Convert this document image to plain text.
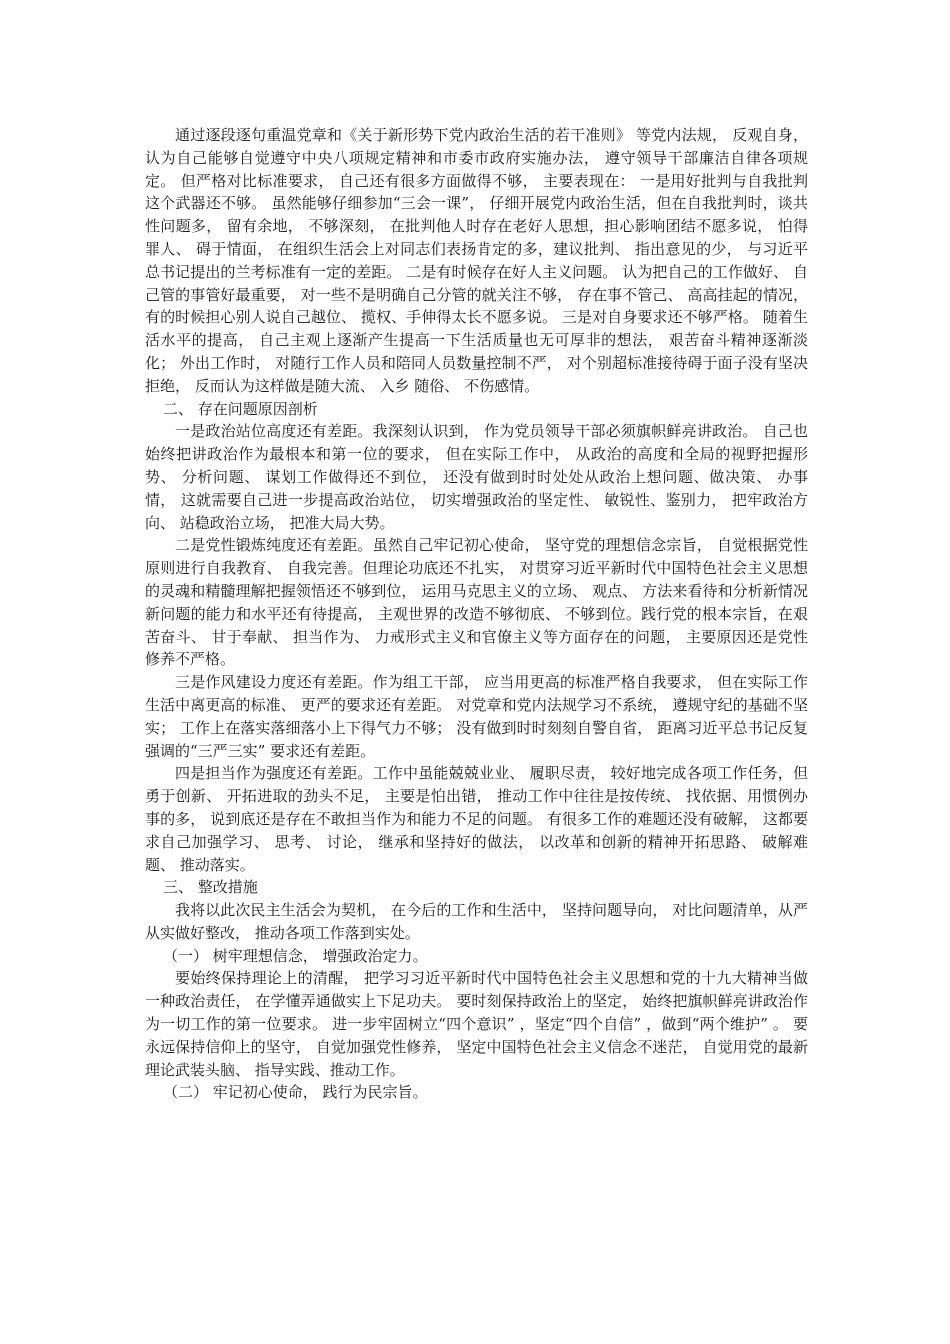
通过逐段逐句重温党章和《关于新形势下党内政治生活的若干准则》 等党内法规， 反观自身， 认为自己能够自觉遵守中央八项规定精神和市委市政府实施办法， 遵守领导干部廉洁自律各项规定。 但严格对比标准要求， 自己还有很多方面做得不够， 主要表现在： 一是用好批判与自我批判这个武器还不够。 虽然能够仔细参加“三会一课”， 仔细开展党内政治生活，但在自我批判时，谈共性问题多， 留有余地， 不够深刻， 在批判他人时存在老好人思想，担心影响团结不愿多说， 怕得罪人、 碍于情面， 在组织生活会上对同志们表扬肯定的多，建议批判、 指出意见的少， 与习近平总书记提出的兰考标准有一定的差距。 二是有时候存在好人主义问题。 认为把自己的工作做好、 自己管的事管好最重要， 对一些不是明确自己分管的就关注不够， 存在事不管己、 高高挂起的情况， 有的时候担心别人说自己越位、 揽权、手伸得太长不愿多说。 三是对自身要求还不够严格。 随着生活水平的提高， 自己主观上逐渐产生提高一下生活质量也无可厚非的想法， 艰苦奋斗精神逐渐淡化； 外出工作时， 对随行工作人员和陪同人员数量控制不严， 对个别超标准接待碍于面子没有坚决拒绝， 反而认为这样做是随大流、 入乡 随俗、 不伤感情。

二、 存在问题原因剖析

一是政治站位高度还有差距。我深刻认识到， 作为党员领导干部必须旗帜鲜亮讲政治。 自己也始终把讲政治作为最根本和第一位的要求， 但在实际工作中， 从政治的高度和全局的视野把握形势、 分析问题、 谋划工作做得还不到位， 还没有做到时时处处从政治上想问题、做决策、 办事情， 这就需要自己进一步提高政治站位， 切实增强政治的坚定性、 敏锐性、鉴别力， 把牢政治方向、 站稳政治立场， 把准大局大势。

二是党性锻炼纯度还有差距。虽然自己牢记初心使命， 坚守党的理想信念宗旨， 自觉根据党性原则进行自我教育、 自我完善。但理论功底还不扎实， 对贯穿习近平新时代中国特色社会主义思想的灵魂和精髓理解把握领悟还不够到位， 运用马克思主义的立场、 观点、 方法来看待和分析新情况新问题的能力和水平还有待提高， 主观世界的改造不够彻底、 不够到位。践行党的根本宗旨，在艰苦奋斗、 甘于奉献、 担当作为、 力戒形式主义和官僚主义等方面存在的问题， 主要原因还是党性修养不严格。

三是作风建设力度还有差距。作为组工干部， 应当用更高的标准严格自我要求， 但在实际工作生活中离更高的标准、 更严的要求还有差距。 对党章和党内法规学习不系统， 遵规守纪的基础不坚实； 工作上在落实落细落小上下得气力不够； 没有做到时时刻刻自警自省， 距离习近平总书记反复强调的“三严三实” 要求还有差距。

四是担当作为强度还有差距。工作中虽能兢兢业业、 履职尽责， 较好地完成各项工作任务，但勇于创新、 开拓进取的劲头不足， 主要是怕出错， 推动工作中往往是按传统、 找依据、用惯例办事的多， 说到底还是存在不敢担当作为和能力不足的问题。 有很多工作的难题还没有破解， 这都要求自己加强学习、 思考、 讨论， 继承和坚持好的做法， 以改革和创新的精神开拓思路、 破解难题、 推动落实。

三、 整改措施

我将以此次民主生活会为契机， 在今后的工作和生活中， 坚持问题导向， 对比问题清单，从严从实做好整改， 推动各项工作落到实处。

（一） 树牢理想信念， 增强政治定力。

要始终保持理论上的清醒， 把学习习近平新时代中国特色社会主义思想和党的十九大精神当做一种政治责任， 在学懂弄通做实上下足功夫。 要时刻保持政治上的坚定， 始终把旗帜鲜亮讲政治作为一切工作的第一位要求。 进一步牢固树立“四个意识” ，坚定“四个自信” ，做到“两个维护” 。 要永远保持信仰上的坚守， 自觉加强党性修养， 坚定中国特色社会主义信念不迷茫， 自觉用党的最新理论武装头脑、 指导实践、推动工作。

（二） 牢记初心使命， 践行为民宗旨。
